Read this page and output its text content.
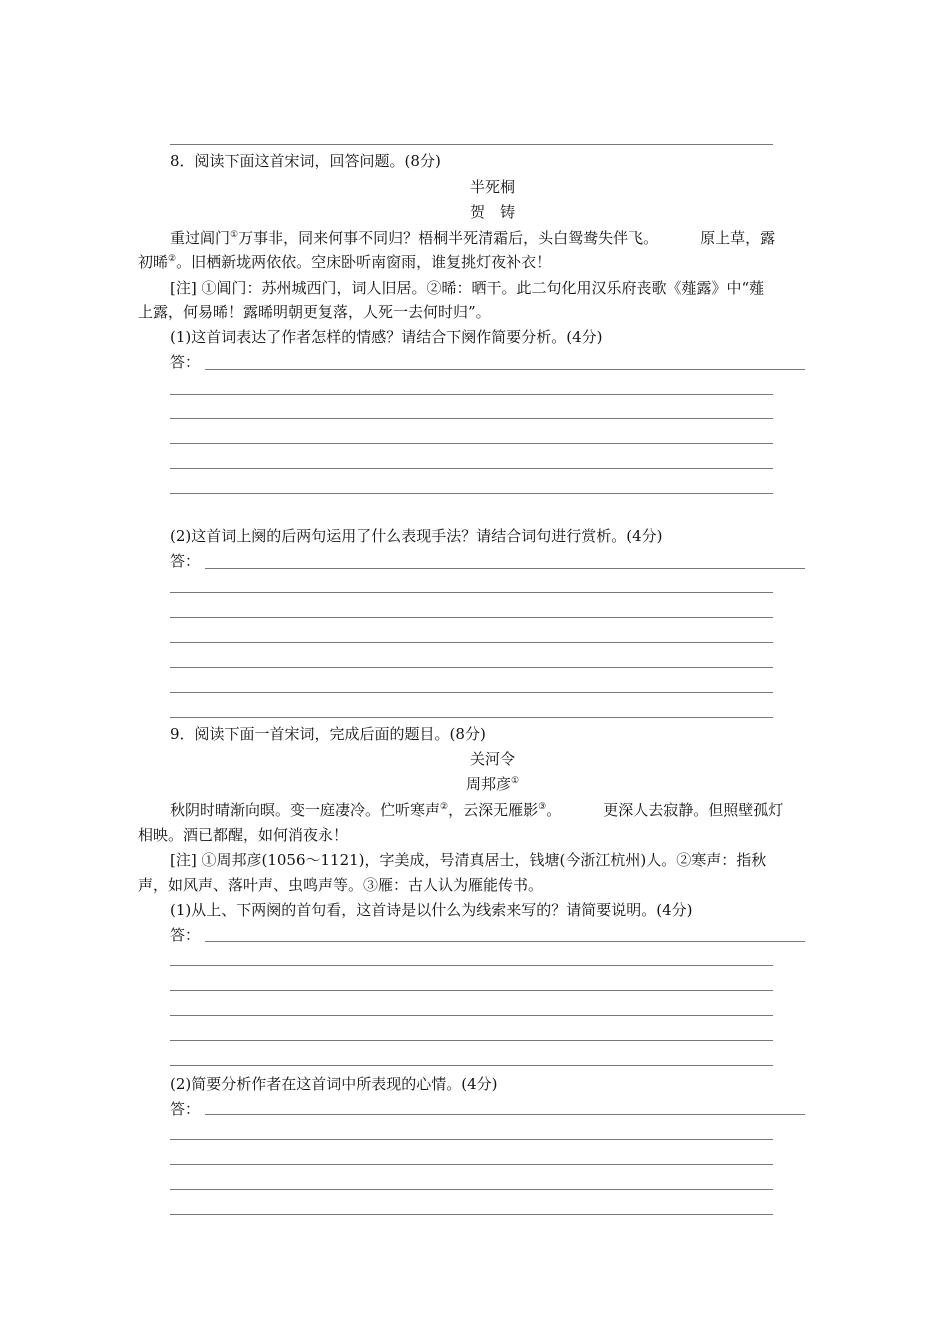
8．阅读下面这首宋词，回答问题。(8分)
半死桐
贺　铸
重过阊门①万事非，同来何事不同归？梧桐半死清霜后，头白鸳鸯失伴飞。	原上草，露
初晞②。旧栖新垅两依依。空床卧听南窗雨，谁复挑灯夜补衣！
[注] ①阊门：苏州城西门，词人旧居。②晞：晒干。此二句化用汉乐府丧歌《薤露》中“薤
上露，何易晞！露晞明朝更复落，人死一去何时归”。
(1)这首词表达了作者怎样的情感？请结合下阕作简要分析。(4分)
答：
(2)这首词上阕的后两句运用了什么表现手法？请结合词句进行赏析。(4分)
答：
9．阅读下面一首宋词，完成后面的题目。(8分)
关河令
周邦彦①
秋阴时晴渐向暝。变一庭凄冷。伫听寒声②，云深无雁影③。	更深人去寂静。但照壁孤灯
相映。酒已都醒，如何消夜永！
[注] ①周邦彦(1056～1121)，字美成，号清真居士，钱塘(今浙江杭州)人。②寒声：指秋
声，如风声、落叶声、虫鸣声等。③雁：古人认为雁能传书。
(1)从上、下两阕的首句看，这首诗是以什么为线索来写的？请简要说明。(4分)
答：
(2)简要分析作者在这首词中所表现的心情。(4分)
答：
